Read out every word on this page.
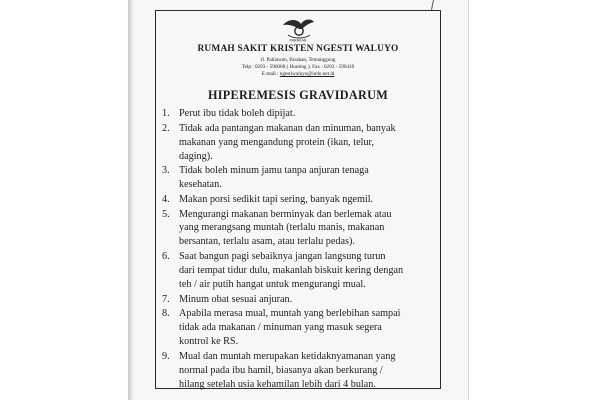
PARAKAN
RUMAH SAKIT KRISTEN NGESTI WALUYO
Jl. Pahlawan, Parakan, Temanggung
Telp : 0293 - 596068 ( Hunting ), Fax : 0293 - 596410
E-mail : ngestiwaluyo@indo.net.id
HIPEREMESIS GRAVIDARUM
1. Perut ibu tidak boleh dipijat.
2. Tidak ada pantangan makanan dan minuman, banyak
makanan yang mengandung protein (ikan, telur,
daging).
3. Tidak boleh minum jamu tanpa anjuran tenaga
kesehatan.
4. Makan porsi sedikit tapi sering, banyak ngemil.
5. Mengurangi makanan berminyak dan berlemak atau
yang merangsang muntah (terlalu manis, makanan
bersantan, terlalu asam, atau terlalu pedas).
6. Saat bangun pagi sebaiknya jangan langsung turun
dari tempat tidur dulu, makanlah biskuit kering dengan
teh / air putih hangat untuk mengurangi mual.
7. Minum obat sesuai anjuran.
8. Apabila merasa mual, muntah yang berlebihan sampai
tidak ada makanan / minuman yang masuk segera
kontrol ke RS.
9. Mual dan muntah merupakan ketidaknyamanan yang
normal pada ibu hamil, biasanya akan berkurang /
hilang setelah usia kehamilan lebih dari 4 bulan.
